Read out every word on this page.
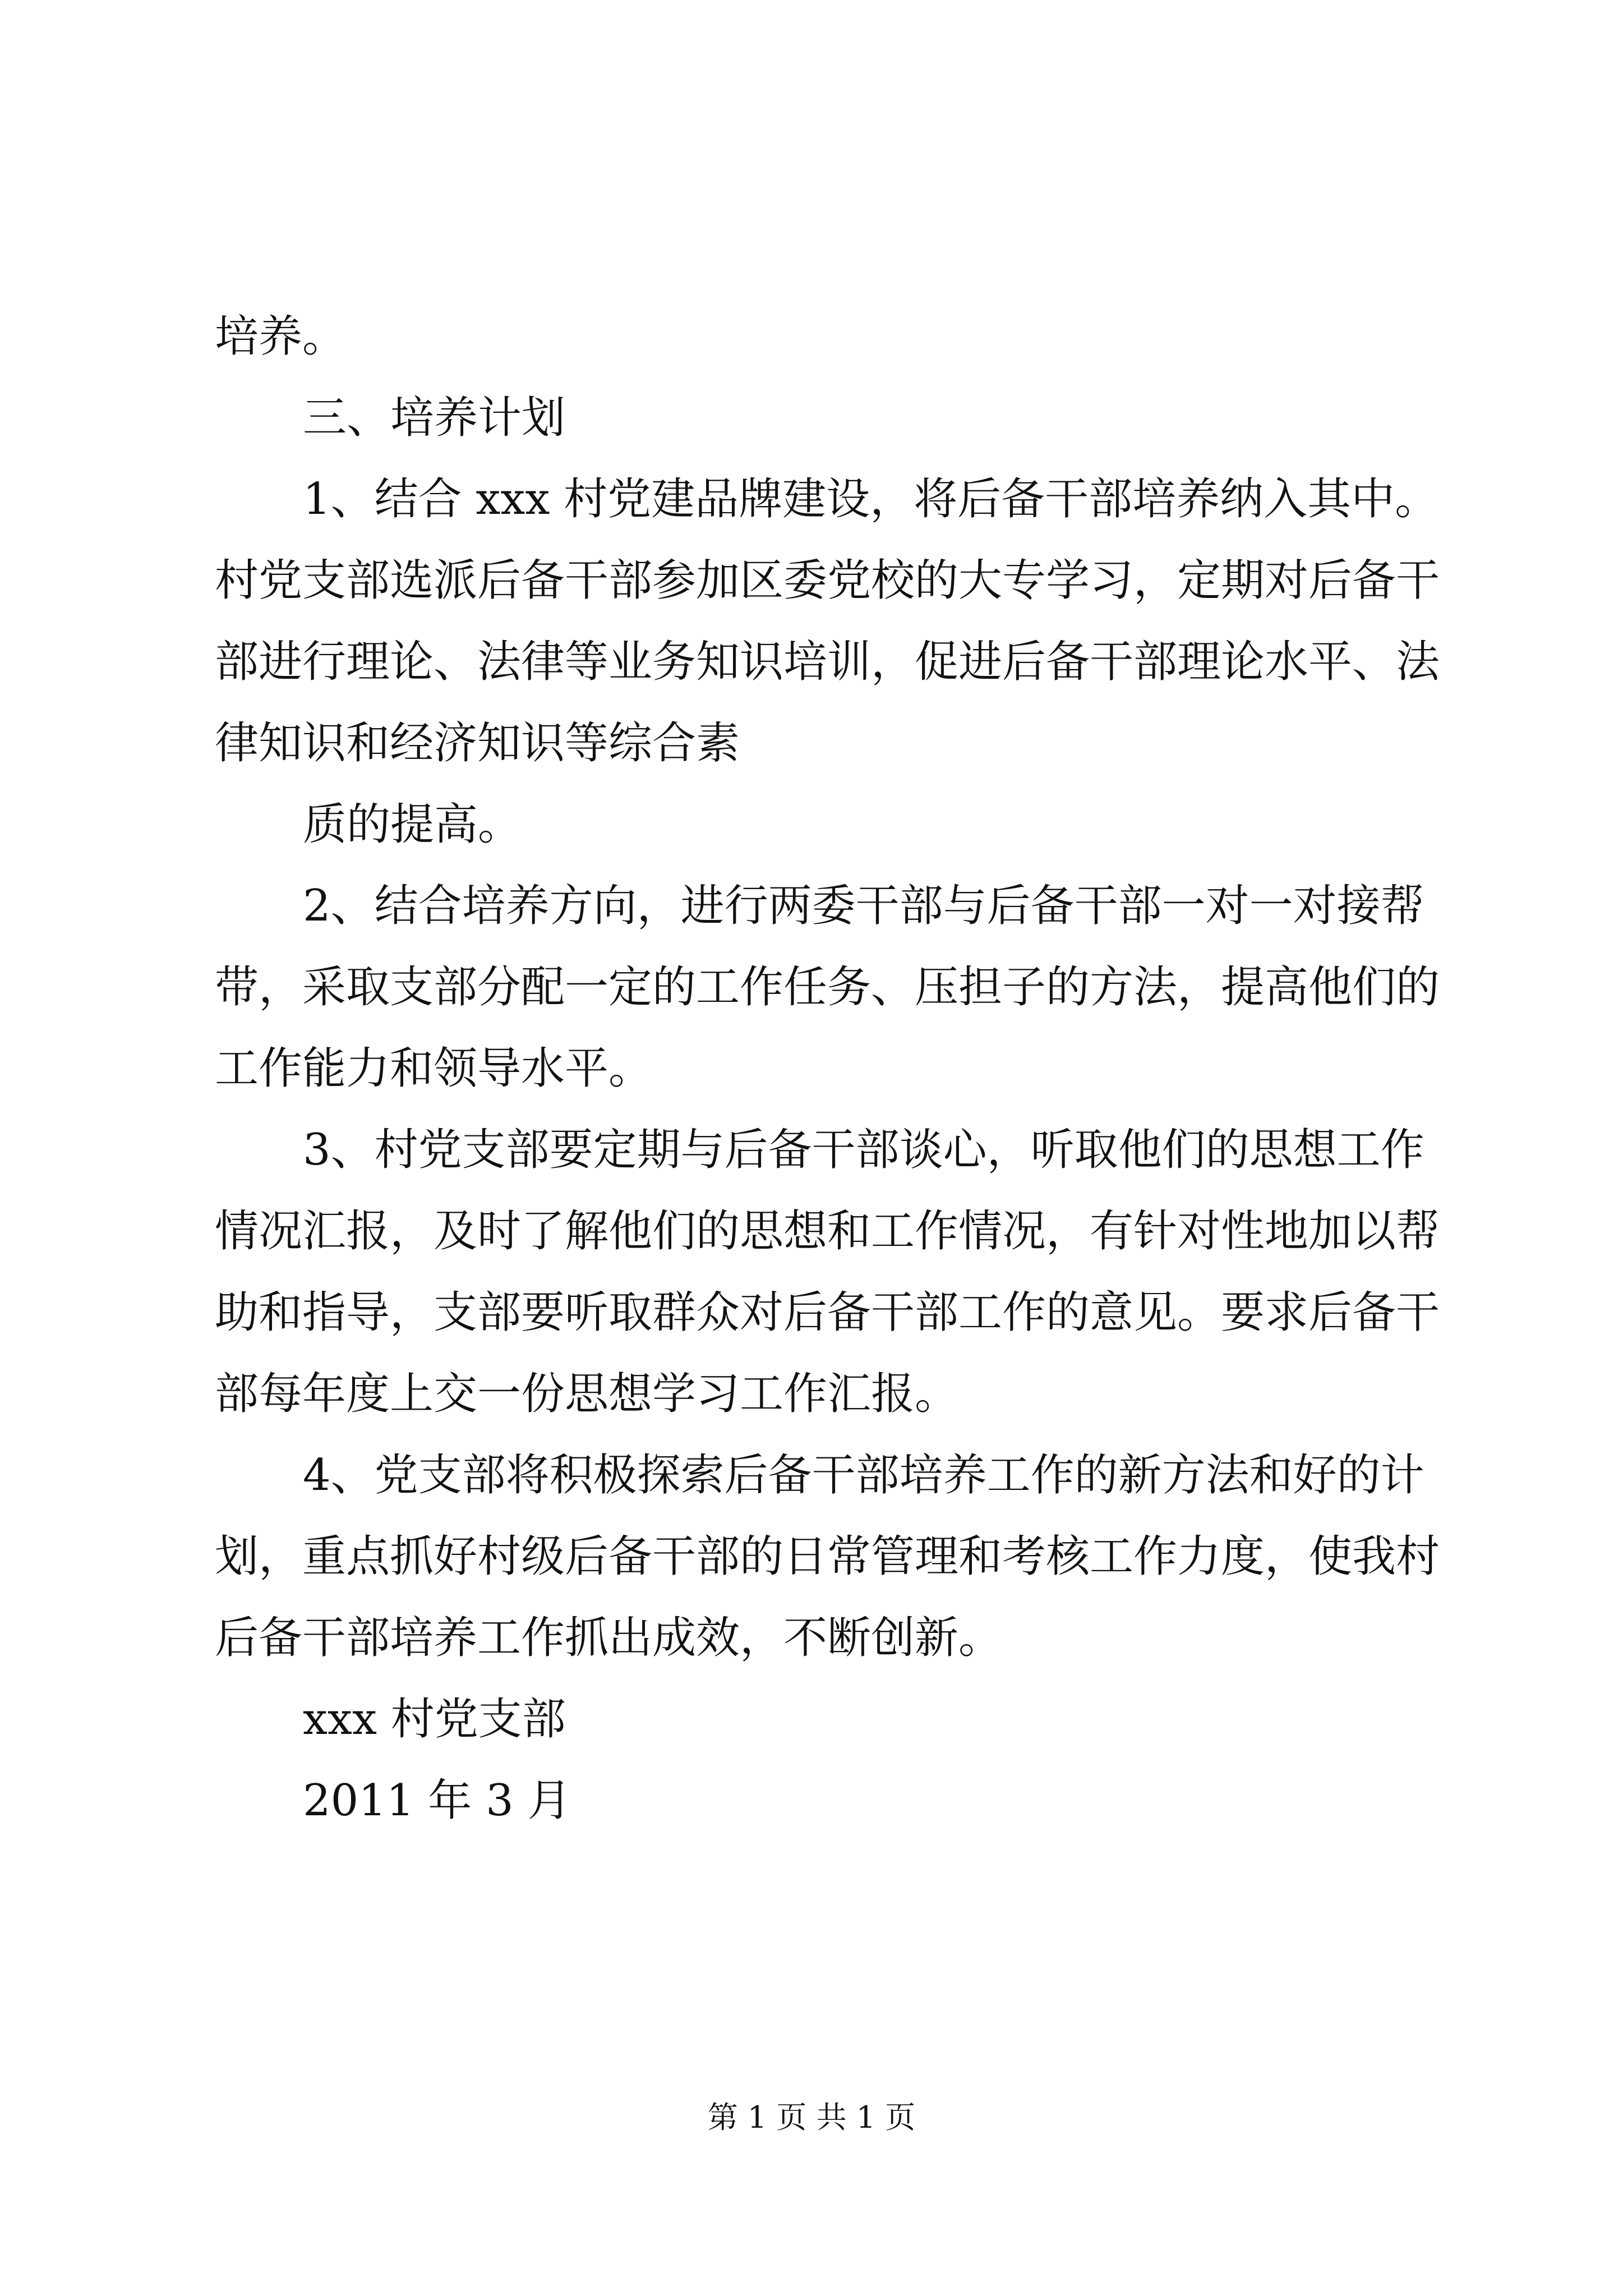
培养。
三、培养计划
1、结合 xxx 村党建品牌建设，将后备干部培养纳入其中。
村党支部选派后备干部参加区委党校的大专学习，定期对后备干
部进行理论、法律等业务知识培训，促进后备干部理论水平、法
律知识和经济知识等综合素
质的提高。
2、结合培养方向，进行两委干部与后备干部一对一对接帮
带，采取支部分配一定的工作任务、压担子的方法，提高他们的
工作能力和领导水平。
3、村党支部要定期与后备干部谈心，听取他们的思想工作
情况汇报，及时了解他们的思想和工作情况，有针对性地加以帮
助和指导，支部要听取群众对后备干部工作的意见。要求后备干
部每年度上交一份思想学习工作汇报。
4、党支部将积极探索后备干部培养工作的新方法和好的计
划，重点抓好村级后备干部的日常管理和考核工作力度，使我村
后备干部培养工作抓出成效，不断创新。
xxx 村党支部
2011 年 3 月
第 1 页 共 1 页
